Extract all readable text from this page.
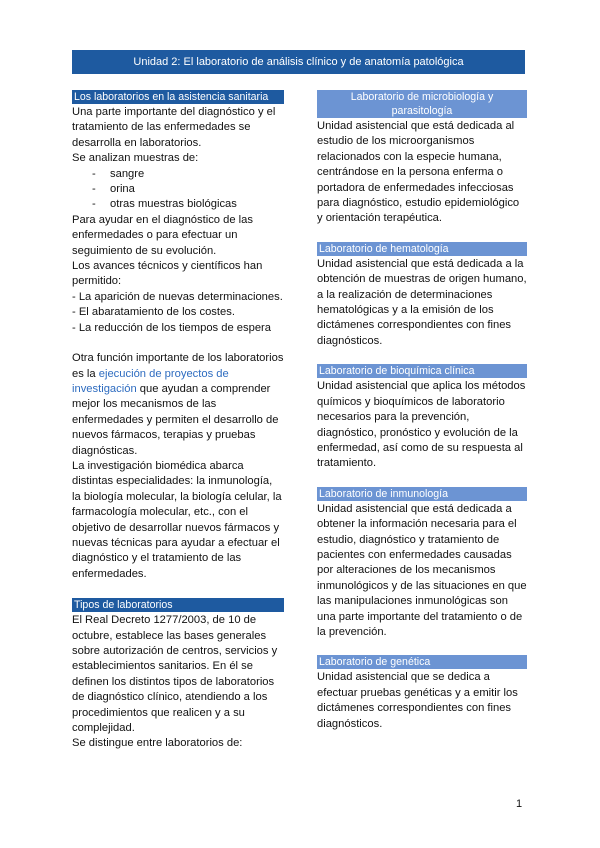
Unidad 2: El laboratorio de análisis clínico y de anatomía patológica
Los laboratorios en la asistencia sanitaria

Una parte importante del diagnóstico y el tratamiento de las enfermedades se desarrolla en laboratorios.

Se analizan muestras de:

- sangre
- orina
- otras muestras biológicas

Para ayudar en el diagnóstico de las enfermedades o para efectuar un seguimiento de su evolución.

Los avances técnicos y científicos han permitido:

- La aparición de nuevas determinaciones.

- El abaratamiento de los costes.

- La reducción de los tiempos de espera

Otra función importante de los laboratorios es la ejecución de proyectos de investigación que ayudan a comprender mejor los mecanismos de las enfermedades y permiten el desarrollo de nuevos fármacos, terapias y pruebas diagnósticas.

La investigación biomédica abarca distintas especialidades: la inmunología, la biología molecular, la biología celular, la farmacología molecular, etc., con el objetivo de desarrollar nuevos fármacos y nuevas técnicas para ayudar a efectuar el diagnóstico y el tratamiento de las enfermedades.

Tipos de laboratorios

El Real Decreto 1277/2003, de 10 de octubre, establece las bases generales sobre autorización de centros, servicios y establecimientos sanitarios. En él se definen los distintos tipos de laboratorios de diagnóstico clínico, atendiendo a los procedimientos que realicen y a su complejidad.

Se distingue entre laboratorios de:

Laboratorio de microbiología y parasitología

Unidad asistencial que está dedicada al estudio de los microorganismos relacionados con la especie humana, centrándose en la persona enferma o portadora de enfermedades infecciosas para diagnóstico, estudio epidemiológico y orientación terapéutica.

Laboratorio de hematología

Unidad asistencial que está dedicada a la obtención de muestras de origen humano, a la realización de determinaciones hematológicas y a la emisión de los dictámenes correspondientes con fines diagnósticos.

Laboratorio de bioquímica clínica

Unidad asistencial que aplica los métodos químicos y bioquímicos de laboratorio necesarios para la prevención, diagnóstico, pronóstico y evolución de la enfermedad, así como de su respuesta al tratamiento.

Laboratorio de inmunología

Unidad asistencial que está dedicada a obtener la información necesaria para el estudio, diagnóstico y tratamiento de pacientes con enfermedades causadas por alteraciones de los mecanismos inmunológicos y de las situaciones en que las manipulaciones inmunológicas son una parte importante del tratamiento o de la prevención.

Laboratorio de genética

Unidad asistencial que se dedica a efectuar pruebas genéticas y a emitir los dictámenes correspondientes con fines diagnósticos.

1
